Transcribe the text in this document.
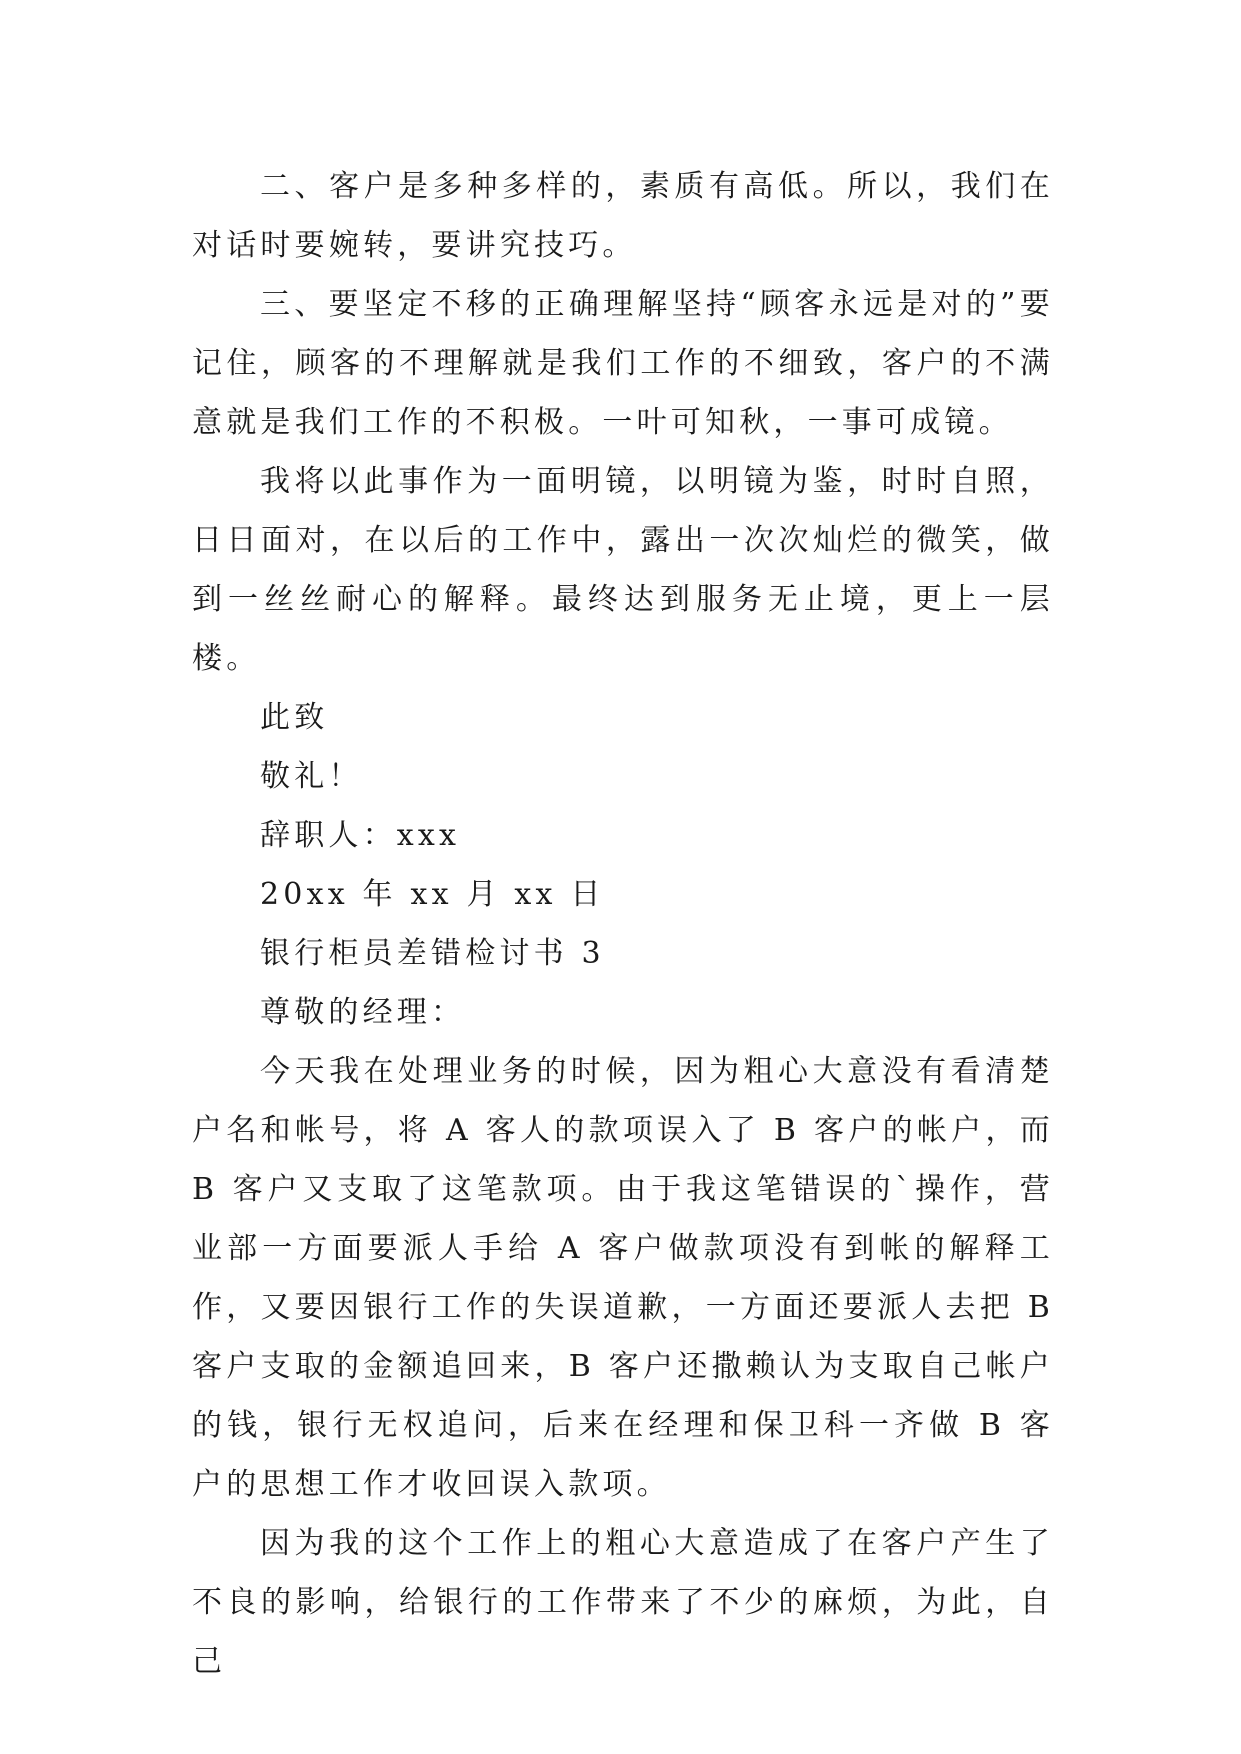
二、客户是多种多样的，素质有高低。所以，我们在对话时要婉转，要讲究技巧。

三、要坚定不移的正确理解坚持“顾客永远是对的”要记住，顾客的不理解就是我们工作的不细致，客户的不满意就是我们工作的不积极。一叶可知秋，一事可成镜。

我将以此事作为一面明镜，以明镜为鉴，时时自照，日日面对，在以后的工作中，露出一次次灿烂的微笑，做到一丝丝耐心的解释。最终达到服务无止境，更上一层楼。

此致

敬礼！

辞职人：xxx

20xx 年 xx 月 xx 日

银行柜员差错检讨书 3

尊敬的经理：

今天我在处理业务的时候，因为粗心大意没有看清楚户名和帐号，将 A 客人的款项误入了 B 客户的帐户，而 B 客户又支取了这笔款项。由于我这笔错误的`操作，营业部一方面要派人手给 A 客户做款项没有到帐的解释工作，又要因银行工作的失误道歉，一方面还要派人去把 B 客户支取的金额追回来，B 客户还撒赖认为支取自己帐户的钱，银行无权追问，后来在经理和保卫科一齐做 B 客户的思想工作才收回误入款项。

因为我的这个工作上的粗心大意造成了在客户产生了不良的影响，给银行的工作带来了不少的麻烦，为此，自己
